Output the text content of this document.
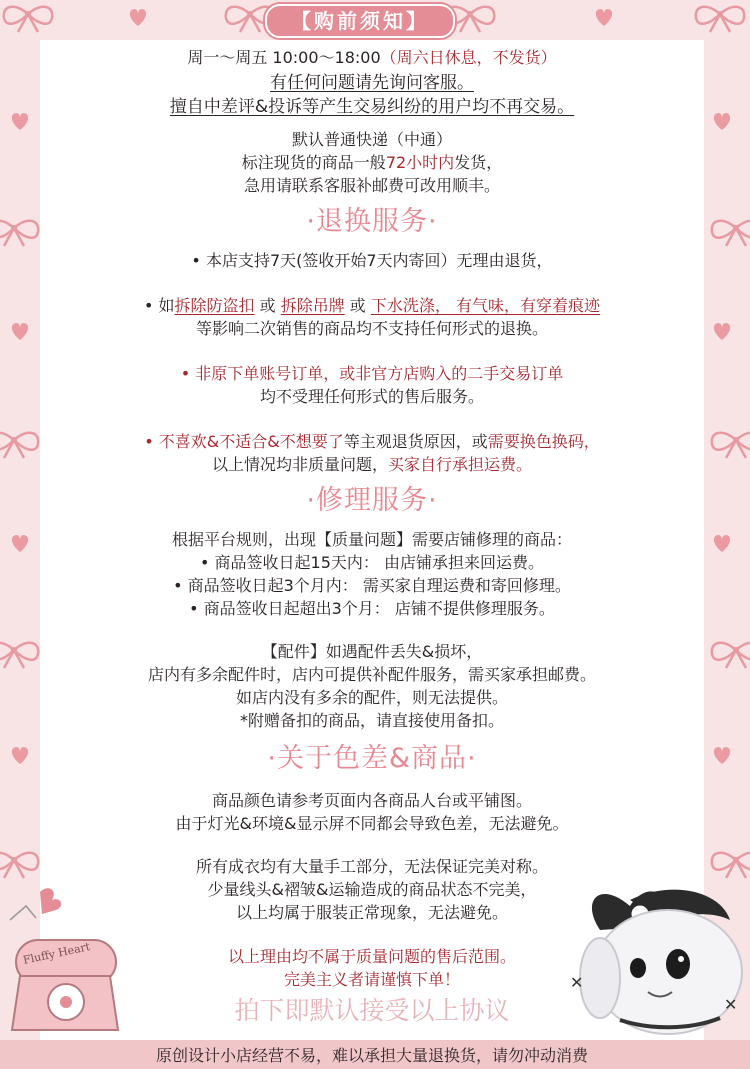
【购前须知】
周一～周五 10:00～18:00（周六日休息，不发货）
有任何问题请先询问客服。
擅自中差评&投诉等产生交易纠纷的用户均不再交易。
默认普通快递（中通）
标注现货的商品一般72小时内发货，
急用请联系客服补邮费可改用顺丰。
·退换服务·
• 本店支持7天(签收开始7天内寄回）无理由退货，
• 如拆除防盗扣 或 拆除吊牌 或 下水洗涤， 有气味，有穿着痕迹
等影响二次销售的商品均不支持任何形式的退换。
• 非原下单账号订单，或非官方店购入的二手交易订单
均不受理任何形式的售后服务。
• 不喜欢&不适合&不想要了等主观退货原因，或需要换色换码，
以上情况均非质量问题，买家自行承担运费。
·修理服务·
根据平台规则，出现【质量问题】需要店铺修理的商品：
• 商品签收日起15天内： 由店铺承担来回运费。
• 商品签收日起3个月内： 需买家自理运费和寄回修理。
• 商品签收日起超出3个月： 店铺不提供修理服务。
【配件】如遇配件丢失&损坏，
店内有多余配件时，店内可提供补配件服务，需买家承担邮费。
如店内没有多余的配件，则无法提供。
*附赠备扣的商品，请直接使用备扣。
·关于色差&商品·
商品颜色请参考页面内各商品人台或平铺图。
由于灯光&环境&显示屏不同都会导致色差，无法避免。
所有成衣均有大量手工部分，无法保证完美对称。
少量线头&褶皱&运输造成的商品状态不完美，
以上均属于服装正常现象，无法避免。
以上理由均不属于质量问题的售后范围。
完美主义者请谨慎下单！
拍下即默认接受以上协议
Fluffy Heart
✕
✕
原创设计小店经营不易，难以承担大量退换货，请勿冲动消费
